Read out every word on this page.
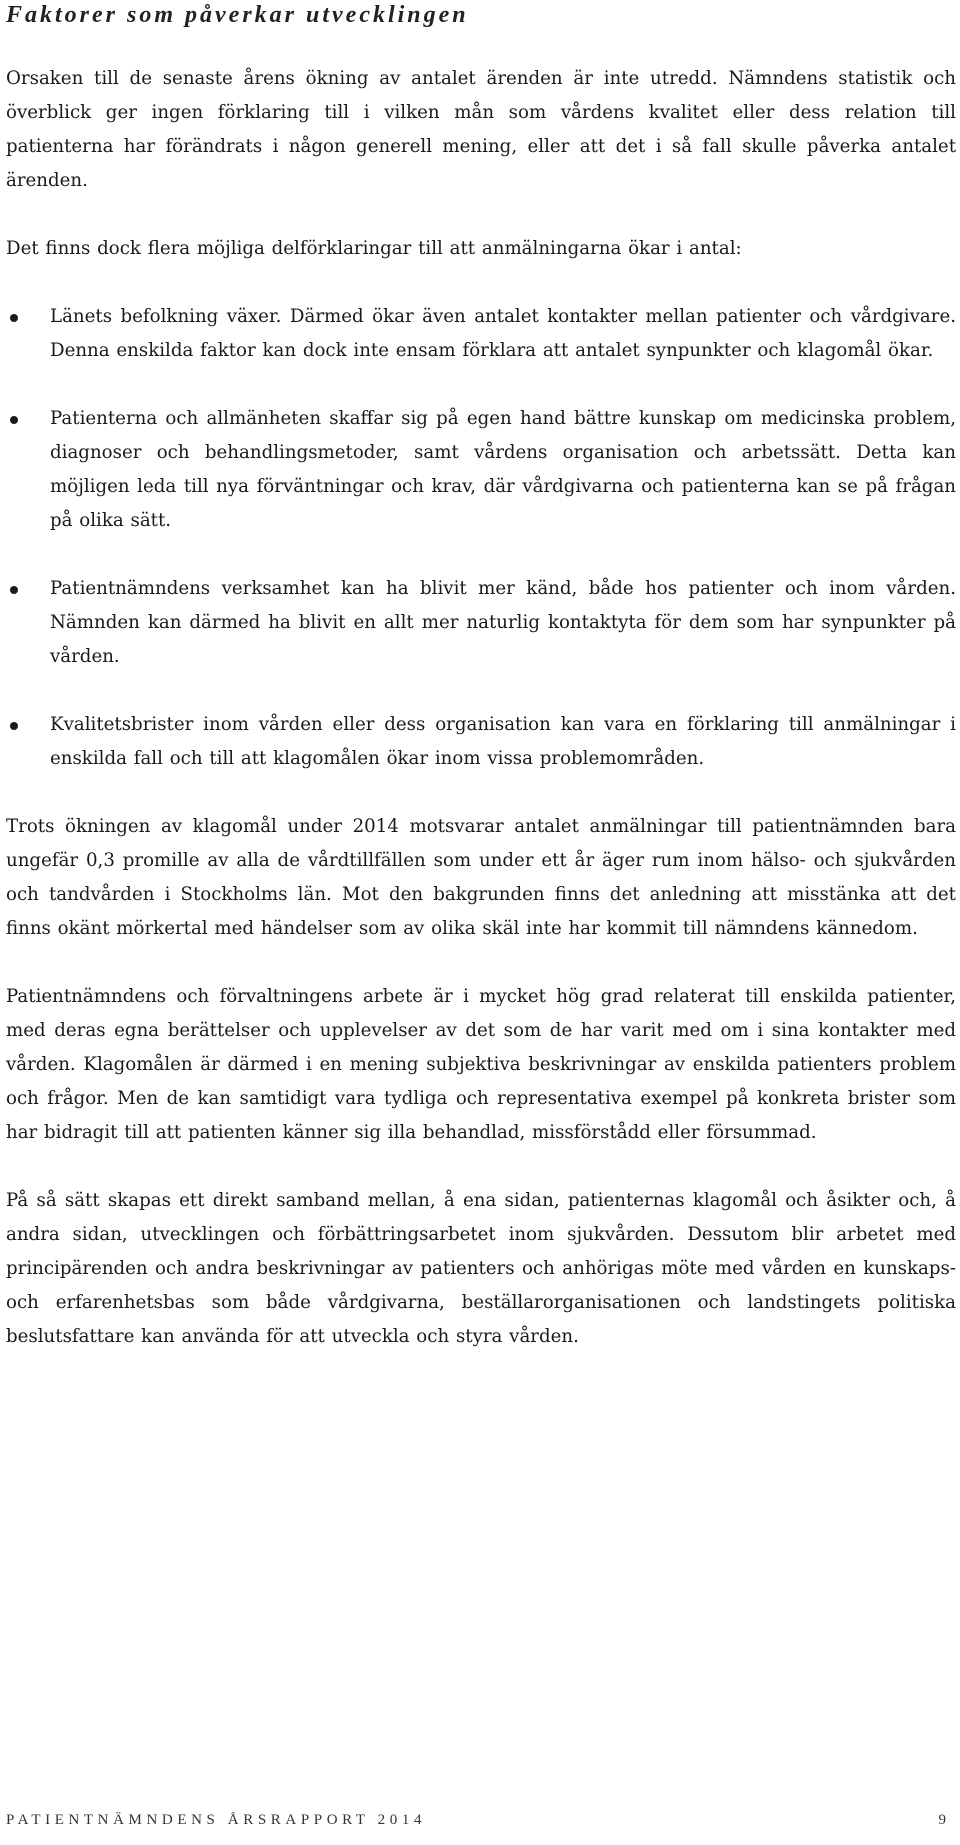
Faktorer som påverkar utvecklingen

Orsaken till de senaste årens ökning av antalet ärenden är inte utredd. Nämndens statistik och överblick ger ingen förklaring till i vilken mån som vårdens kvalitet eller dess relation till patienterna har förändrats i någon generell mening, eller att det i så fall skulle påverka antalet ärenden.

Det finns dock flera möjliga delförklaringar till att anmälningarna ökar i antal:

Länets befolkning växer. Därmed ökar även antalet kontakter mellan patienter och vårdgivare. Denna enskilda faktor kan dock inte ensam förklara att antalet synpunkter och klagomål ökar.
Patienterna och allmänheten skaffar sig på egen hand bättre kunskap om medicinska problem, diagnoser och behandlingsmetoder, samt vårdens organisation och arbetssätt. Detta kan möjligen leda till nya förväntningar och krav, där vårdgivarna och patienterna kan se på frågan på olika sätt.
Patientnämndens verksamhet kan ha blivit mer känd, både hos patienter och inom vården. Nämnden kan därmed ha blivit en allt mer naturlig kontaktyta för dem som har synpunkter på vården.
Kvalitetsbrister inom vården eller dess organisation kan vara en förklaring till anmälningar i enskilda fall och till att klagomålen ökar inom vissa problemområden.

Trots ökningen av klagomål under 2014 motsvarar antalet anmälningar till patientnämnden bara ungefär 0,3 promille av alla de vårdtillfällen som under ett år äger rum inom hälso- och sjukvården och tandvården i Stockholms län. Mot den bakgrunden finns det anledning att misstänka att det finns okänt mörkertal med händelser som av olika skäl inte har kommit till nämndens kännedom.

Patientnämndens och förvaltningens arbete är i mycket hög grad relaterat till enskilda patienter, med deras egna berättelser och upplevelser av det som de har varit med om i sina kontakter med vården. Klagomålen är därmed i en mening subjektiva beskrivningar av enskilda patienters problem och frågor. Men de kan samtidigt vara tydliga och representativa exempel på konkreta brister som har bidragit till att patienten känner sig illa behandlad, missförstådd eller försummad.

På så sätt skapas ett direkt samband mellan, å ena sidan, patienternas klagomål och åsikter och, å andra sidan, utvecklingen och förbättringsarbetet inom sjukvården. Dessutom blir arbetet med principärenden och andra beskrivningar av patienters och anhörigas möte med vården en kunskaps- och erfarenhetsbas som både vårdgivarna, beställarorganisationen och landstingets politiska beslutsfattare kan använda för att utveckla och styra vården.

PATIENTNÄMNDENS ÅRSRAPPORT 2014	9
